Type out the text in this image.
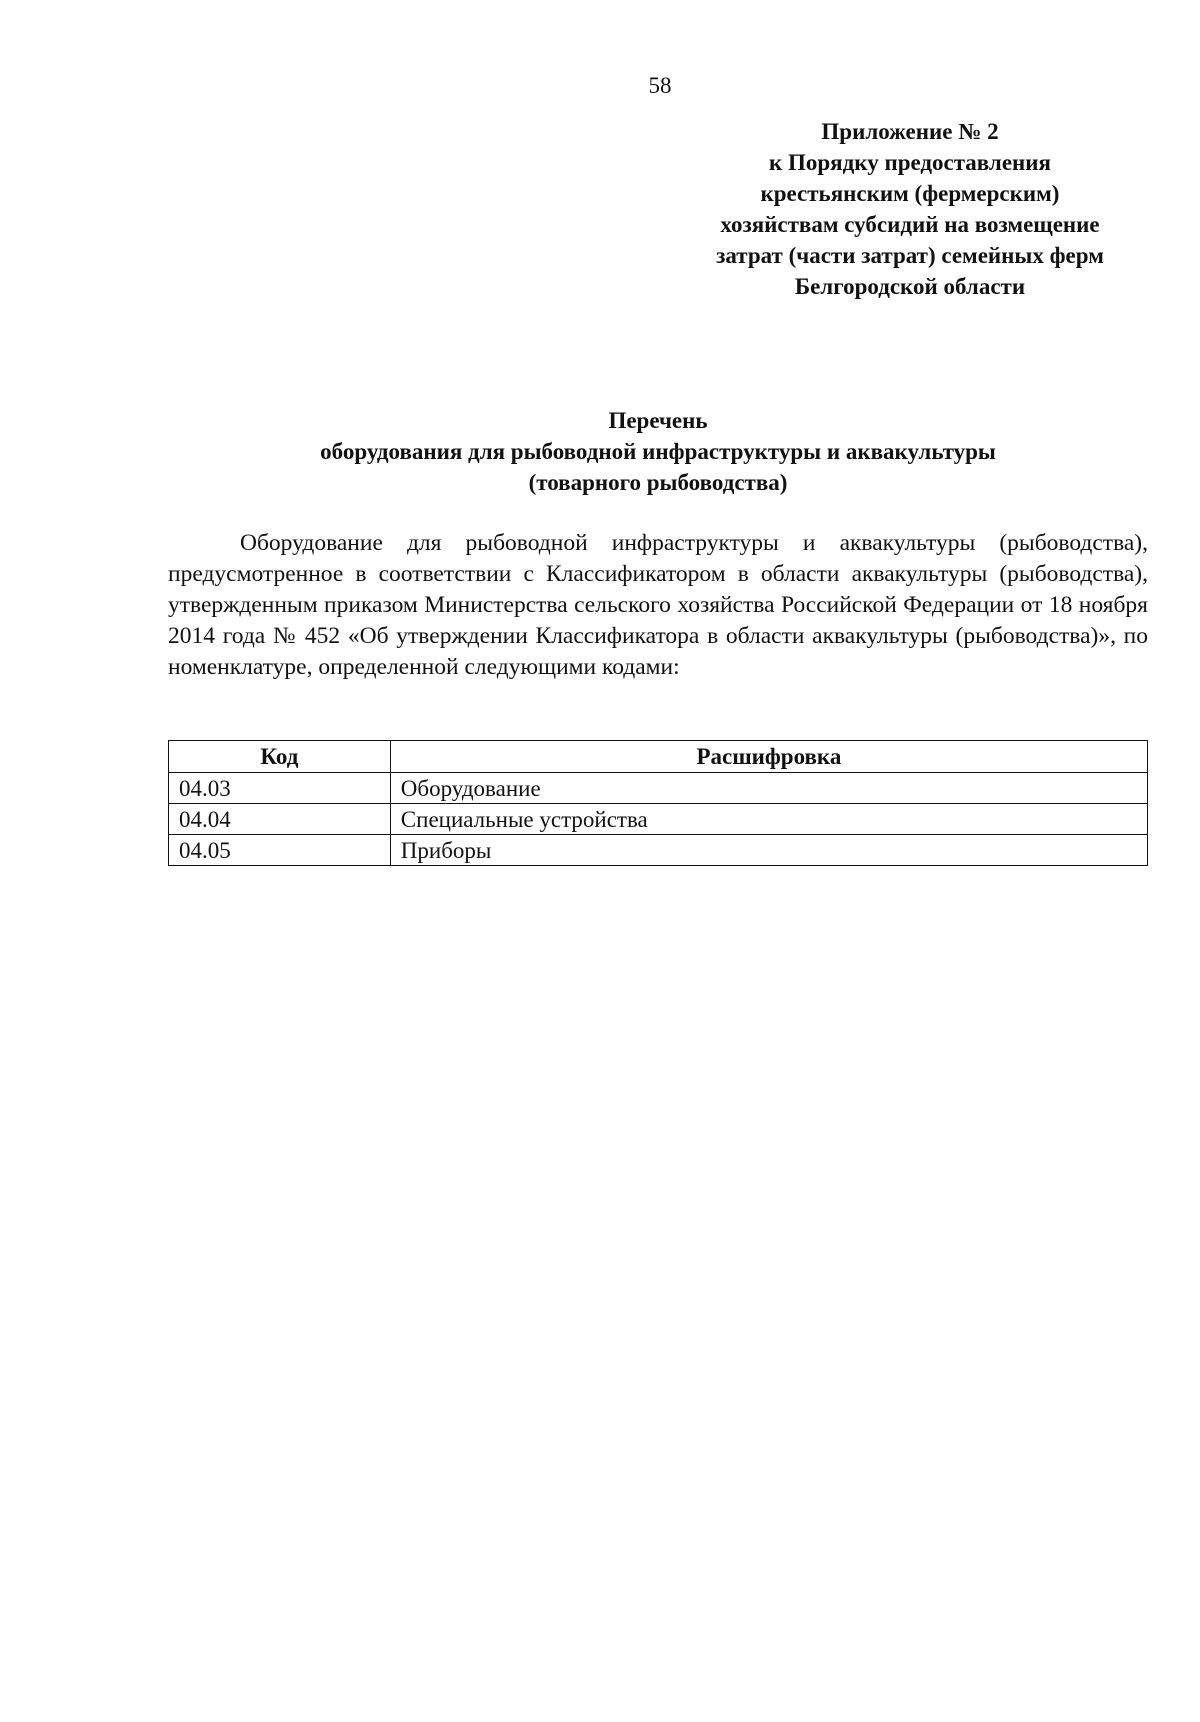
58
Приложение № 2
к Порядку предоставления
крестьянским (фермерским)
хозяйствам субсидий на возмещение
затрат (части затрат) семейных ферм
Белгородской области
Перечень
оборудования для рыбоводной инфраструктуры и аквакультуры
(товарного рыбоводства)

Оборудование для рыбоводной инфраструктуры и аквакультуры (рыбоводства), предусмотренное в соответствии с Классификатором в области аквакультуры (рыбоводства), утвержденным приказом Министерства сельского хозяйства Российской Федерации от 18 ноября 2014 года № 452 «Об утверждении Классификатора в области аквакультуры (рыбоводства)», по номенклатуре, определенной следующими кодами:

Код	Расшифровка
04.03	Оборудование
04.04	Специальные устройства
04.05	Приборы
